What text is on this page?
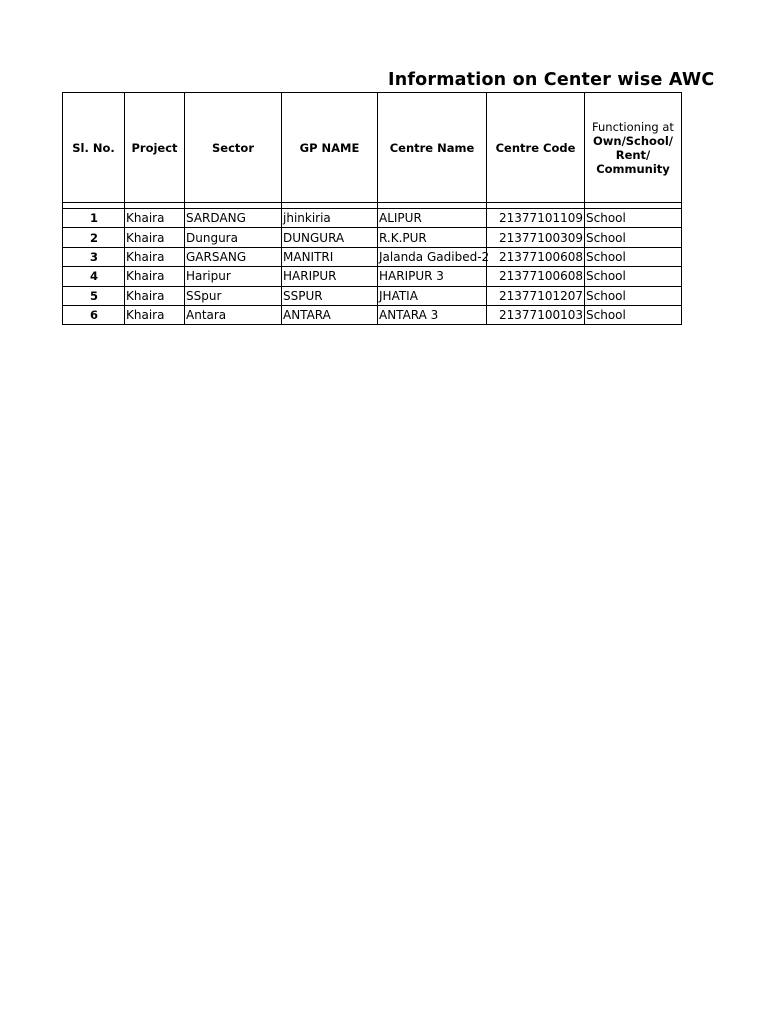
Information on Center wise AWC
Sl. No.	Project	Sector	GP NAME	Centre Name	Centre Code	Functioning at
Own/School/
Rent/
Community

1	Khaira	SARDANG	jhinkiria	ALIPUR	21377101109	School
2	Khaira	Dungura	DUNGURA	R.K.PUR	21377100309	School
3	Khaira	GARSANG	MANITRI	Jalanda Gadibed-2	21377100608	School
4	Khaira	Haripur	HARIPUR	HARIPUR 3	21377100608	School
5	Khaira	SSpur	SSPUR	JHATIA	21377101207	School
6	Khaira	Antara	ANTARA	ANTARA 3	21377100103	School
